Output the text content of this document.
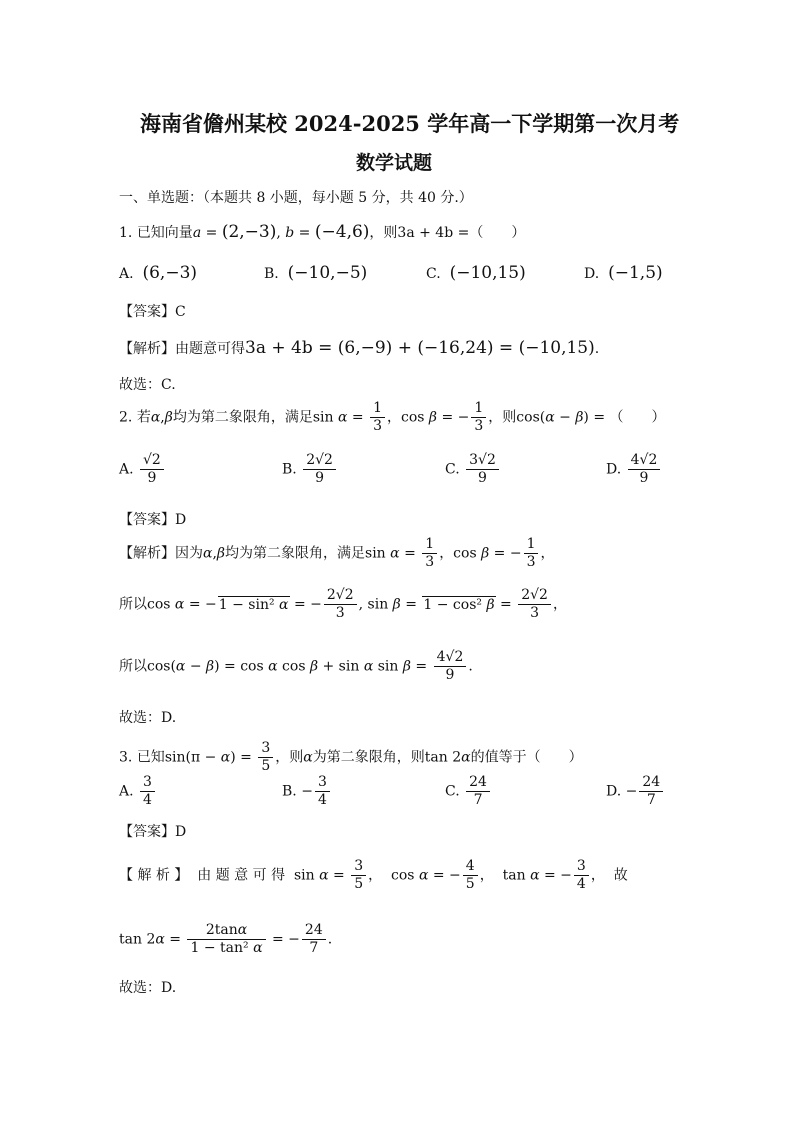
海南省儋州某校 2024-2025 学年高一下学期第一次月考
数学试题
一、单选题：（本题共 8 小题，每小题 5 分，共 40 分.）
1. 已知向量a = (2,−3), b = (−4,6)，则3a + 4b =（　　）
A. (6,−3)	B. (−10,−5)	C. (−10,15)	D. (−1,5)
【答案】C
【解析】由题意可得3a + 4b = (6,−9) + (−16,24) = (−10,15).
故选：C.
2. 若α,β均为第二象限角，满足$\sin \alpha = \frac{1}{3}$ ，cos β = − $\frac{1}{3}$ ，则cos(α − β) = （　　）
A. $\frac{√2}{9}$	B. $\frac{2√2}{9}$	C. $\frac{3√2}{9}$	D. $\frac{4√2}{9}$
【答案】D
【解析】因为α,β均为第二象限角，满足$\sin \alpha = \frac{1}{3}$ ，cos β = − $\frac{1}{3}$ ，
所以cos α = − 1 − sin² α = − $\frac{2√2}{3}$ , sin β = 1 − cos² $\beta = \frac{2√2}{3}$ ，
所以cos(α − β) = cos α cos β + sin α $\sin \beta = \frac{4√2}{9}$ .
故选：D.
3. 已知$\sin(\pi - \alpha) = \frac{3}{5}$ ，则α为第二象限角，则tan 2α的值等于（　　）
A. $\frac{3}{4}$	B. − $\frac{3}{4}$	C. $\frac{24}{7}$	D. − $\frac{24}{7}$
【答案】D
【 解 析 】 由 题 意 可 得  $\sin \alpha = \frac{3}{5}$ ，  cos α = − $\frac{4}{5}$ ，  tan α = − $\frac{3}{4}$ ，  故
$\tan 2\alpha = \frac{2\tan\alpha}{\text{1 − tan² α}}$ = − $\frac{24}{7}$ .
故选：D.
